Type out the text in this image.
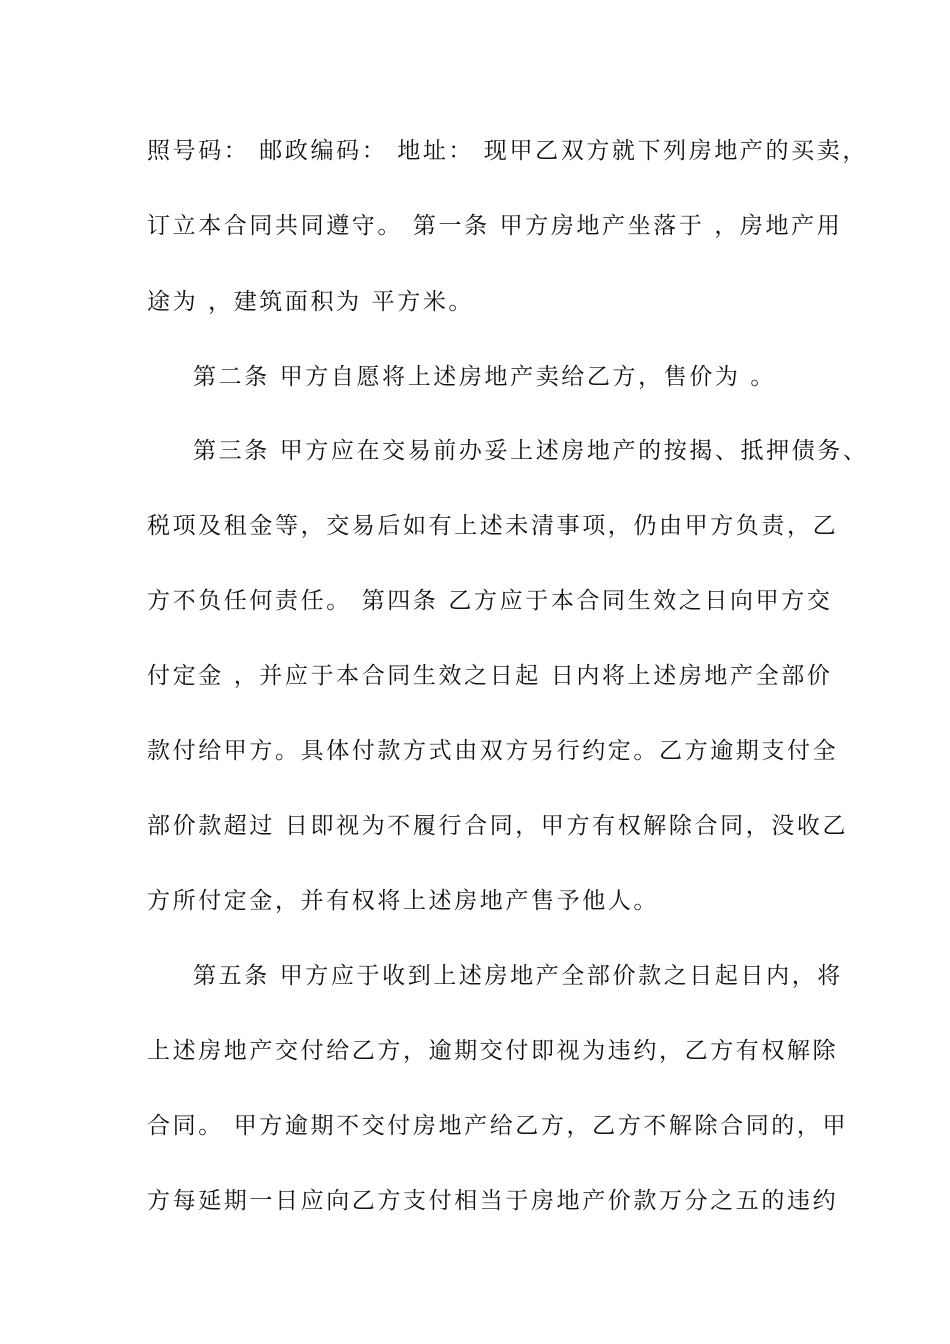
照号码： 邮政编码： 地址： 现甲乙双方就下列房地产的买卖，
订立本合同共同遵守。 第一条 甲方房地产坐落于 ，房地产用
途为 ，建筑面积为 平方米。
第二条 甲方自愿将上述房地产卖给乙方，售价为 。
第三条 甲方应在交易前办妥上述房地产的按揭、抵押债务、
税项及租金等，交易后如有上述未清事项，仍由甲方负责，乙
方不负任何责任。 第四条 乙方应于本合同生效之日向甲方交
付定金 ，并应于本合同生效之日起 日内将上述房地产全部价
款付给甲方。具体付款方式由双方另行约定。乙方逾期支付全
部价款超过 日即视为不履行合同，甲方有权解除合同，没收乙
方所付定金，并有权将上述房地产售予他人。
第五条 甲方应于收到上述房地产全部价款之日起日内，将
上述房地产交付给乙方，逾期交付即视为违约，乙方有权解除
合同。 甲方逾期不交付房地产给乙方，乙方不解除合同的，甲
方每延期一日应向乙方支付相当于房地产价款万分之五的违约
